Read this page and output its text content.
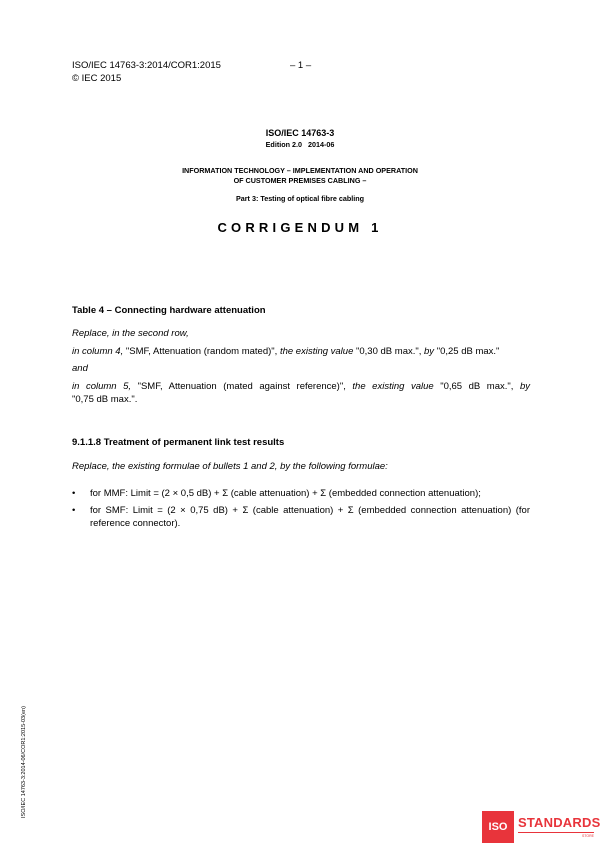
ISO/IEC 14763-3:2014/COR1:2015
© IEC 2015
– 1 –
ISO/IEC 14763-3
Edition 2.0   2014-06
INFORMATION TECHNOLOGY – IMPLEMENTATION AND OPERATION
OF CUSTOMER PREMISES CABLING –
Part 3: Testing of optical fibre cabling
CORRIGENDUM 1
Table 4 – Connecting hardware attenuation
Replace, in the second row,
in column 4, "SMF, Attenuation (random mated)", the existing value "0,30 dB max.", by "0,25 dB max."
and
in column 5, "SMF, Attenuation (mated against reference)", the existing value "0,65 dB max.", by
"0,75 dB max.".
9.1.1.8 Treatment of permanent link test results
Replace, the existing formulae of bullets 1 and 2, by the following formulae:
• for MMF: Limit = (2 × 0,5 dB) + Σ (cable attenuation) + Σ (embedded connection attenuation);
• for SMF: Limit = (2 × 0,75 dB) + Σ (cable attenuation) + Σ (embedded connection attenuation) (for reference connector).
ISO/IEC 14763-3:2014-06/COR1:2015-03(en)
ISO STANDARDS
STORE
